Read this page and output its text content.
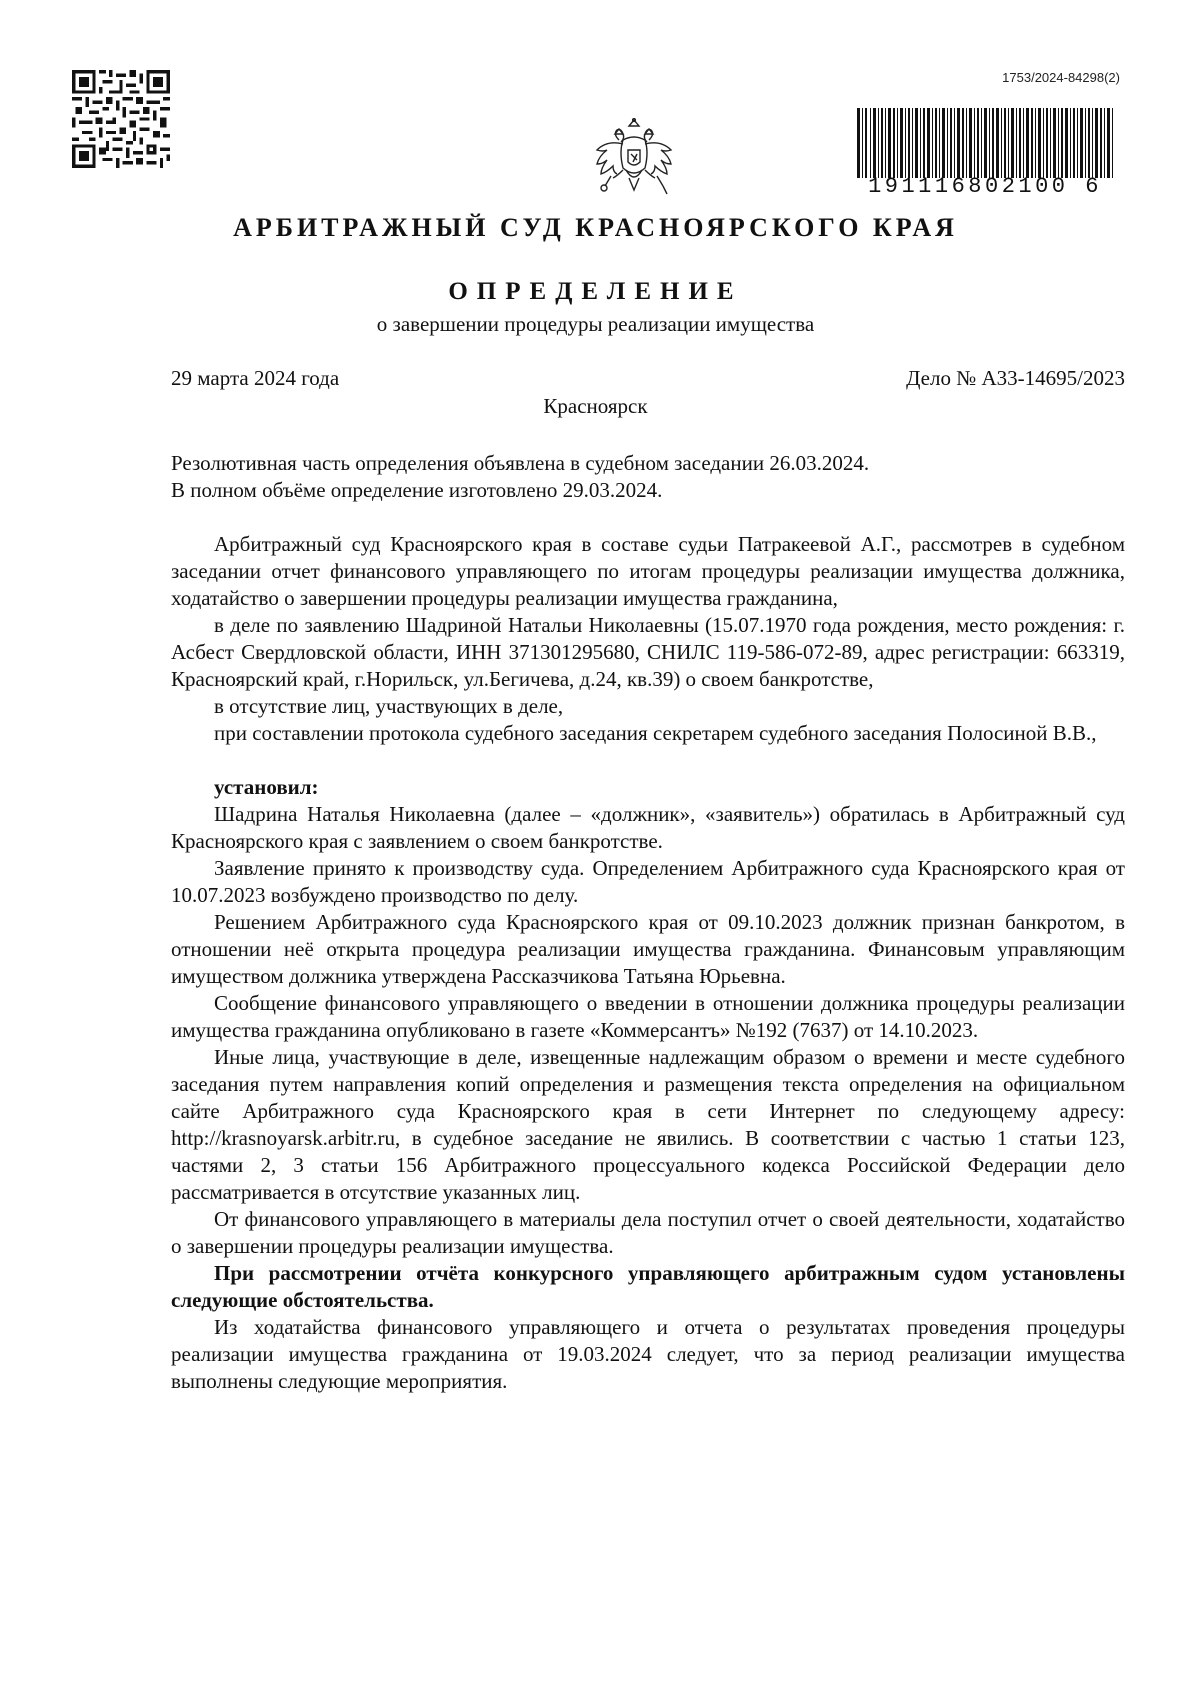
1753/2024-84298(2)
191116802100 6
АРБИТРАЖНЫЙ СУД КРАСНОЯРСКОГО КРАЯ
ОПРЕДЕЛЕНИЕ
о завершении процедуры реализации имущества
29 марта 2024 года	Дело № А33-14695/2023
Красноярск

Резолютивная часть определения объявлена в судебном заседании 26.03.2024.

В полном объёме определение изготовлено 29.03.2024.

Арбитражный суд Красноярского края в составе судьи Патракеевой А.Г., рассмотрев в судебном заседании отчет финансового управляющего по итогам процедуры реализации имущества должника, ходатайство о завершении процедуры реализации имущества гражданина,

в деле по заявлению Шадриной Натальи Николаевны (15.07.1970 года рождения, место рождения: г. Асбест Свердловской области, ИНН 371301295680, СНИЛС 119-586-072-89, адрес регистрации: 663319, Красноярский край, г.Норильск, ул.Бегичева, д.24, кв.39) о своем банкротстве,

в отсутствие лиц, участвующих в деле,

при составлении протокола судебного заседания секретарем судебного заседания Полосиной В.В.,

установил:

Шадрина Наталья Николаевна (далее – «должник», «заявитель») обратилась в Арбитражный суд Красноярского края с заявлением о своем банкротстве.

Заявление принято к производству суда. Определением Арбитражного суда Красноярского края от 10.07.2023 возбуждено производство по делу.

Решением Арбитражного суда Красноярского края от 09.10.2023 должник признан банкротом, в отношении неё открыта процедура реализации имущества гражданина. Финансовым управляющим имуществом должника утверждена Рассказчикова Татьяна Юрьевна.

Сообщение финансового управляющего о введении в отношении должника процедуры реализации имущества гражданина опубликовано в газете «Коммерсантъ» №192 (7637) от 14.10.2023.

Иные лица, участвующие в деле, извещенные надлежащим образом о времени и месте судебного заседания путем направления копий определения и размещения текста определения на официальном сайте Арбитражного суда Красноярского края в сети Интернет по следующему адресу: http://krasnoyarsk.arbitr.ru, в судебное заседание не явились. В соответствии с частью 1 статьи 123, частями 2, 3 статьи 156 Арбитражного процессуального кодекса Российской Федерации дело рассматривается в отсутствие указанных лиц.

От финансового управляющего в материалы дела поступил отчет о своей деятельности, ходатайство о завершении процедуры реализации имущества.

При рассмотрении отчёта конкурсного управляющего арбитражным судом установлены следующие обстоятельства.

Из ходатайства финансового управляющего и отчета о результатах проведения процедуры реализации имущества гражданина от 19.03.2024 следует, что за период реализации имущества выполнены следующие мероприятия.
